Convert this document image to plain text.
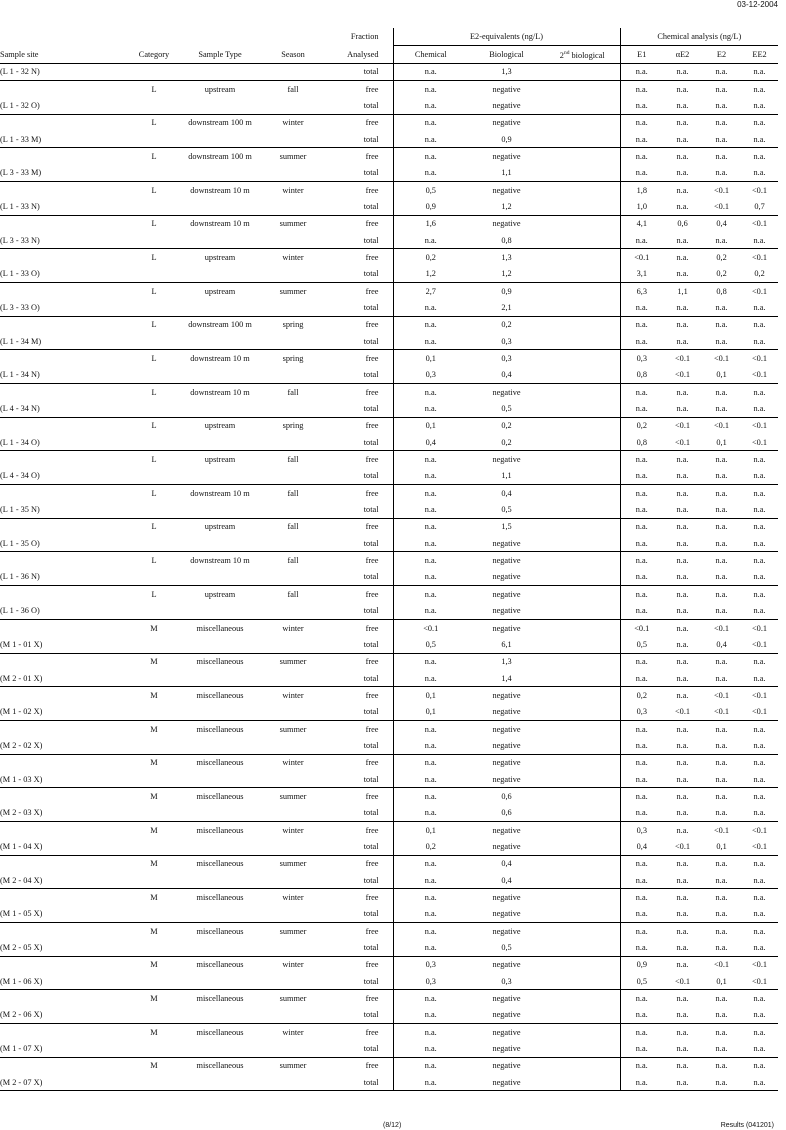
03-12-2004
				Fraction	E2-equivalents (ng/L)			Chemical analysis (ng/L)			
Sample site	Category	Sample Type	Season	Analysed	Chemical	Biological	2nd biological	E1	αE2	E2	EE2
(L 1 - 32 N)				total	n.a.	1,3		n.a.	n.a.	n.a.	n.a.
	L	upstream	fall	free	n.a.	negative		n.a.	n.a.	n.a.	n.a.
(L 1 - 32 O)				total	n.a.	negative		n.a.	n.a.	n.a.	n.a.
	L	downstream 100 m	winter	free	n.a.	negative		n.a.	n.a.	n.a.	n.a.
(L 1 - 33 M)				total	n.a.	0,9		n.a.	n.a.	n.a.	n.a.
	L	downstream 100 m	summer	free	n.a.	negative		n.a.	n.a.	n.a.	n.a.
(L 3 - 33 M)				total	n.a.	1,1		n.a.	n.a.	n.a.	n.a.
	L	downstream 10 m	winter	free	0,5	negative		1,8	n.a.	<0.1	<0.1
(L 1 - 33 N)				total	0,9	1,2		1,0	n.a.	<0.1	0,7
	L	downstream 10 m	summer	free	1,6	negative		4,1	0,6	0,4	<0.1
(L 3 - 33 N)				total	n.a.	0,8		n.a.	n.a.	n.a.	n.a.
	L	upstream	winter	free	0,2	1,3		<0.1	n.a.	0,2	<0.1
(L 1 - 33 O)				total	1,2	1,2		3,1	n.a.	0,2	0,2
	L	upstream	summer	free	2,7	0,9		6,3	1,1	0,8	<0.1
(L 3 - 33 O)				total	n.a.	2,1		n.a.	n.a.	n.a.	n.a.
	L	downstream 100 m	spring	free	n.a.	0,2		n.a.	n.a.	n.a.	n.a.
(L 1 - 34 M)				total	n.a.	0,3		n.a.	n.a.	n.a.	n.a.
	L	downstream 10 m	spring	free	0,1	0,3		0,3	<0.1	<0.1	<0.1
(L 1 - 34 N)				total	0,3	0,4		0,8	<0.1	0,1	<0.1
	L	downstream 10 m	fall	free	n.a.	negative		n.a.	n.a.	n.a.	n.a.
(L 4 - 34 N)				total	n.a.	0,5		n.a.	n.a.	n.a.	n.a.
	L	upstream	spring	free	0,1	0,2		0,2	<0.1	<0.1	<0.1
(L 1 - 34 O)				total	0,4	0,2		0,8	<0.1	0,1	<0.1
	L	upstream	fall	free	n.a.	negative		n.a.	n.a.	n.a.	n.a.
(L 4 - 34 O)				total	n.a.	1,1		n.a.	n.a.	n.a.	n.a.
	L	downstream 10 m	fall	free	n.a.	0,4		n.a.	n.a.	n.a.	n.a.
(L 1 - 35 N)				total	n.a.	0,5		n.a.	n.a.	n.a.	n.a.
	L	upstream	fall	free	n.a.	1,5		n.a.	n.a.	n.a.	n.a.
(L 1 - 35 O)				total	n.a.	negative		n.a.	n.a.	n.a.	n.a.
	L	downstream 10 m	fall	free	n.a.	negative		n.a.	n.a.	n.a.	n.a.
(L 1 - 36 N)				total	n.a.	negative		n.a.	n.a.	n.a.	n.a.
	L	upstream	fall	free	n.a.	negative		n.a.	n.a.	n.a.	n.a.
(L 1 - 36 O)				total	n.a.	negative		n.a.	n.a.	n.a.	n.a.
	M	miscellaneous	winter	free	<0.1	negative		<0.1	n.a.	<0.1	<0.1
(M 1 - 01 X)				total	0,5	6,1		0,5	n.a.	0,4	<0.1
	M	miscellaneous	summer	free	n.a.	1,3		n.a.	n.a.	n.a.	n.a.
(M 2 - 01 X)				total	n.a.	1,4		n.a.	n.a.	n.a.	n.a.
	M	miscellaneous	winter	free	0,1	negative		0,2	n.a.	<0.1	<0.1
(M 1 - 02 X)				total	0,1	negative		0,3	<0.1	<0.1	<0.1
	M	miscellaneous	summer	free	n.a.	negative		n.a.	n.a.	n.a.	n.a.
(M 2 - 02 X)				total	n.a.	negative		n.a.	n.a.	n.a.	n.a.
	M	miscellaneous	winter	free	n.a.	negative		n.a.	n.a.	n.a.	n.a.
(M 1 - 03 X)				total	n.a.	negative		n.a.	n.a.	n.a.	n.a.
	M	miscellaneous	summer	free	n.a.	0,6		n.a.	n.a.	n.a.	n.a.
(M 2 - 03 X)				total	n.a.	0,6		n.a.	n.a.	n.a.	n.a.
	M	miscellaneous	winter	free	0,1	negative		0,3	n.a.	<0.1	<0.1
(M 1 - 04 X)				total	0,2	negative		0,4	<0.1	0,1	<0.1
	M	miscellaneous	summer	free	n.a.	0,4		n.a.	n.a.	n.a.	n.a.
(M 2 - 04 X)				total	n.a.	0,4		n.a.	n.a.	n.a.	n.a.
	M	miscellaneous	winter	free	n.a.	negative		n.a.	n.a.	n.a.	n.a.
(M 1 - 05 X)				total	n.a.	negative		n.a.	n.a.	n.a.	n.a.
	M	miscellaneous	summer	free	n.a.	negative		n.a.	n.a.	n.a.	n.a.
(M 2 - 05 X)				total	n.a.	0,5		n.a.	n.a.	n.a.	n.a.
	M	miscellaneous	winter	free	0,3	negative		0,9	n.a.	<0.1	<0.1
(M 1 - 06 X)				total	0,3	0,3		0,5	<0.1	0,1	<0.1
	M	miscellaneous	summer	free	n.a.	negative		n.a.	n.a.	n.a.	n.a.
(M 2 - 06 X)				total	n.a.	negative		n.a.	n.a.	n.a.	n.a.
	M	miscellaneous	winter	free	n.a.	negative		n.a.	n.a.	n.a.	n.a.
(M 1 - 07 X)				total	n.a.	negative		n.a.	n.a.	n.a.	n.a.
	M	miscellaneous	summer	free	n.a.	negative		n.a.	n.a.	n.a.	n.a.
(M 2 - 07 X)				total	n.a.	negative		n.a.	n.a.	n.a.	n.a.
(8/12)	Results (041201)
